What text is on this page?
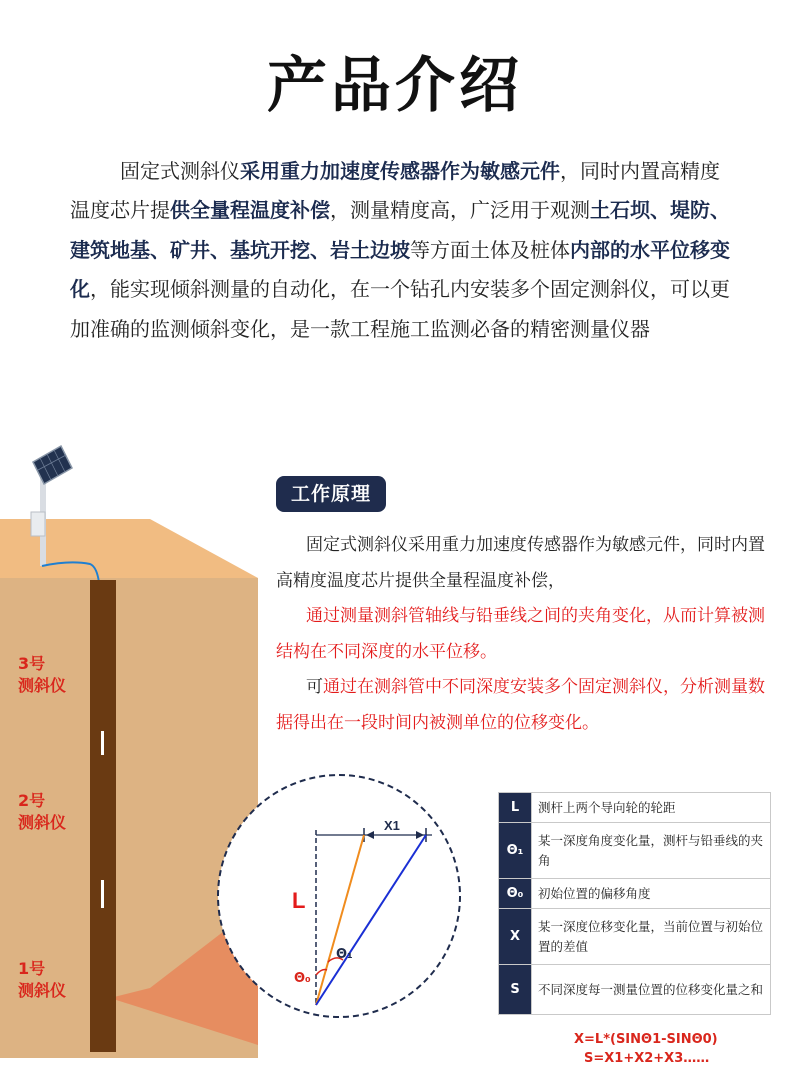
产品介绍
固定式测斜仪采用重力加速度传感器作为敏感元件，同时内置高精度温度芯片提供全量程温度补偿，测量精度高，广泛用于观测土石坝、堤防、建筑地基、矿井、基坑开挖、岩土边坡等方面土体及桩体内部的水平位移变化，能实现倾斜测量的自动化，在一个钻孔内安装多个固定测斜仪，可以更加准确的监测倾斜变化，是一款工程施工监测必备的精密测量仪器
L
X1
Θ₁
Θ₀
3号
测斜仪
2号
测斜仪
1号
测斜仪
工作原理

固定式测斜仪采用重力加速度传感器作为敏感元件，同时内置高精度温度芯片提供全量程温度补偿，

通过测量测斜管轴线与铅垂线之间的夹角变化，从而计算被测结构在不同深度的水平位移。

可通过在测斜管中不同深度安装多个固定测斜仪，分析测量数据得出在一段时间内被测单位的位移变化。

L	测杆上两个导向轮的轮距
Θ₁	某一深度角度变化量，测杆与铅垂线的夹角
Θ₀	初始位置的偏移角度
X	某一深度位移变化量，当前位置与初始位置的差值
S	不同深度每一测量位置的位移变化量之和
X=L*(SINΘ1-SINΘ0)
S=X1+X2+X3……
